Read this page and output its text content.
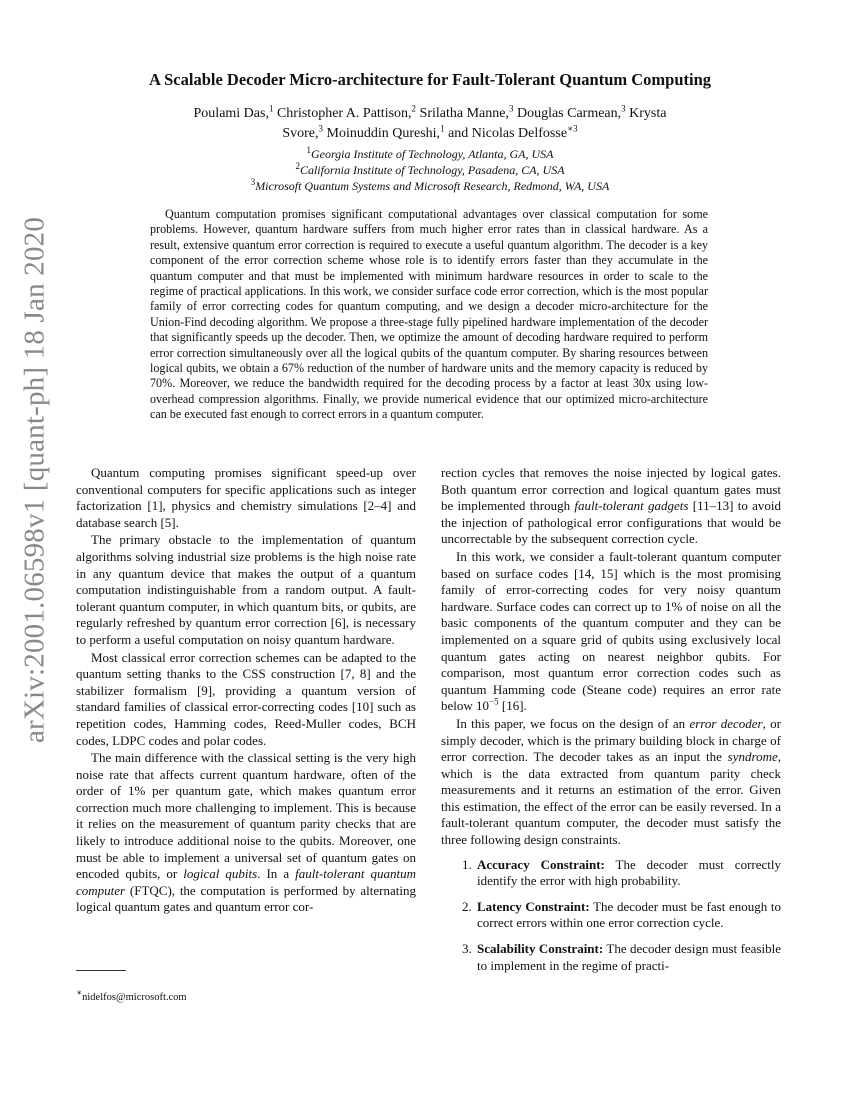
arXiv:2001.06598v1 [quant-ph] 18 Jan 2020
A Scalable Decoder Micro-architecture for Fault-Tolerant Quantum Computing
Poulami Das,$^1$ Christopher A. Pattison,$^2$ Srilatha Manne,$^3$ Douglas Carmean,$^3$ Krysta Svore,$^3$ Moinuddin Qureshi,$^1$ and Nicolas Delfosse$^{∗3}$
$^1$Georgia Institute of Technology, Atlanta, GA, USA
$^2$California Institute of Technology, Pasadena, CA, USA
$^3$Microsoft Quantum Systems and Microsoft Research, Redmond, WA, USA
Quantum computation promises significant computational advantages over classical computation for some problems. However, quantum hardware suffers from much higher error rates than in classical hardware. As a result, extensive quantum error correction is required to execute a useful quantum algorithm. The decoder is a key component of the error correction scheme whose role is to identify errors faster than they accumulate in the quantum computer and that must be implemented with minimum hardware resources in order to scale to the regime of practical applications. In this work, we consider surface code error correction, which is the most popular family of error correcting codes for quantum computing, and we design a decoder micro-architecture for the Union-Find decoding algorithm. We propose a three-stage fully pipelined hardware implementation of the decoder that significantly speeds up the decoder. Then, we optimize the amount of decoding hardware required to perform error correction simultaneously over all the logical qubits of the quantum computer. By sharing resources between logical qubits, we obtain a 67% reduction of the number of hardware units and the memory capacity is reduced by 70%. Moreover, we reduce the bandwidth required for the decoding process by a factor at least 30x using low-overhead compression algorithms. Finally, we provide numerical evidence that our optimized micro-architecture can be executed fast enough to correct errors in a quantum computer.

Quantum computing promises significant speed-up over conventional computers for specific applications such as integer factorization [1], physics and chemistry simulations [2–4] and database search [5].

The primary obstacle to the implementation of quantum algorithms solving industrial size problems is the high noise rate in any quantum device that makes the output of a quantum computation indistinguishable from a random output. A fault-tolerant quantum computer, in which quantum bits, or qubits, are regularly refreshed by quantum error correction [6], is necessary to perform a useful computation on noisy quantum hardware.

Most classical error correction schemes can be adapted to the quantum setting thanks to the CSS construction [7, 8] and the stabilizer formalism [9], providing a quantum version of standard families of classical error-correcting codes [10] such as repetition codes, Hamming codes, Reed-Muller codes, BCH codes, LDPC codes and polar codes.

The main difference with the classical setting is the very high noise rate that affects current quantum hardware, often of the order of 1% per quantum gate, which makes quantum error correction much more challenging to implement. This is because it relies on the measurement of quantum parity checks that are likely to introduce additional noise to the qubits. Moreover, one must be able to implement a universal set of quantum gates on encoded qubits, or logical qubits. In a fault-tolerant quantum computer (FTQC), the computation is performed by alternating logical quantum gates and quantum error cor-

rection cycles that removes the noise injected by logical gates. Both quantum error correction and logical quantum gates must be implemented through fault-tolerant gadgets [11–13] to avoid the injection of pathological error configurations that would be uncorrectable by the subsequent correction cycle.

In this work, we consider a fault-tolerant quantum computer based on surface codes [14, 15] which is the most promising family of error-correcting codes for very noisy quantum hardware. Surface codes can correct up to 1% of noise on all the basic components of the quantum computer and they can be implemented on a square grid of qubits using exclusively local quantum gates acting on nearest neighbor qubits. For comparison, most quantum error correction codes such as quantum Hamming code (Steane code) requires an error rate below $10^{-5}$ [16].

In this paper, we focus on the design of an error decoder, or simply decoder, which is the primary building block in charge of error correction. The decoder takes as an input the syndrome, which is the data extracted from quantum parity check measurements and it returns an estimation of the error. Given this estimation, the effect of the error can be easily reversed. In a fault-tolerant quantum computer, the decoder must satisfy the three following design constraints.

1. Accuracy Constraint: The decoder must correctly identify the error with high probability.
2. Latency Constraint: The decoder must be fast enough to correct errors within one error correction cycle.
3. Scalability Constraint: The decoder design must feasible to implement in the regime of practi-
∗nidelfos@microsoft.com
